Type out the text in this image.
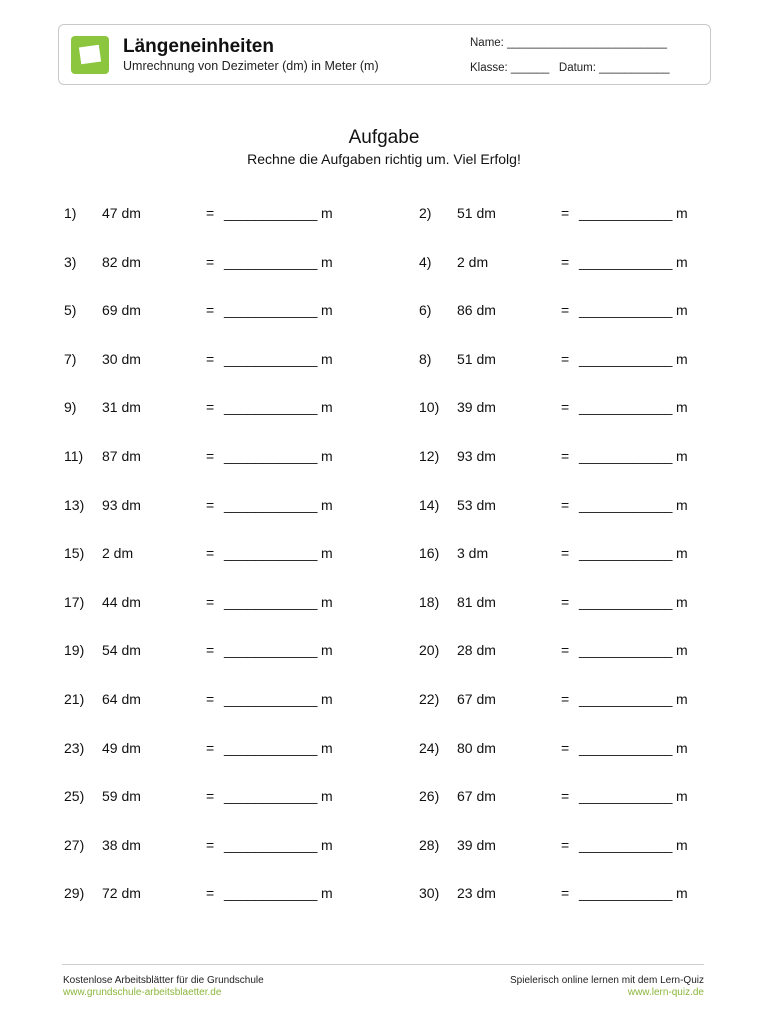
Längeneinheiten
Umrechnung von Dezimeter (dm) in Meter (m)
Name: _________________________
Klasse: ______ Datum: ___________
Aufgabe
Rechne die Aufgaben richtig um. Viel Erfolg!
1) 47 dm	= ____________ m	2) 51 dm	= ____________ m
3) 82 dm	= ____________ m	4) 2 dm	= ____________ m
5) 69 dm	= ____________ m	6) 86 dm	= ____________ m
7) 30 dm	= ____________ m	8) 51 dm	= ____________ m
9) 31 dm	= ____________ m	10) 39 dm	= ____________ m
11) 87 dm	= ____________ m	12) 93 dm	= ____________ m
13) 93 dm	= ____________ m	14) 53 dm	= ____________ m
15) 2 dm	= ____________ m	16) 3 dm	= ____________ m
17) 44 dm	= ____________ m	18) 81 dm	= ____________ m
19) 54 dm	= ____________ m	20) 28 dm	= ____________ m
21) 64 dm	= ____________ m	22) 67 dm	= ____________ m
23) 49 dm	= ____________ m	24) 80 dm	= ____________ m
25) 59 dm	= ____________ m	26) 67 dm	= ____________ m
27) 38 dm	= ____________ m	28) 39 dm	= ____________ m
29) 72 dm	= ____________ m	30) 23 dm	= ____________ m
Kostenlose Arbeitsblätter für die Grundschule
www.grundschule-arbeitsblaetter.de
Spielerisch online lernen mit dem Lern-Quiz
www.lern-quiz.de
